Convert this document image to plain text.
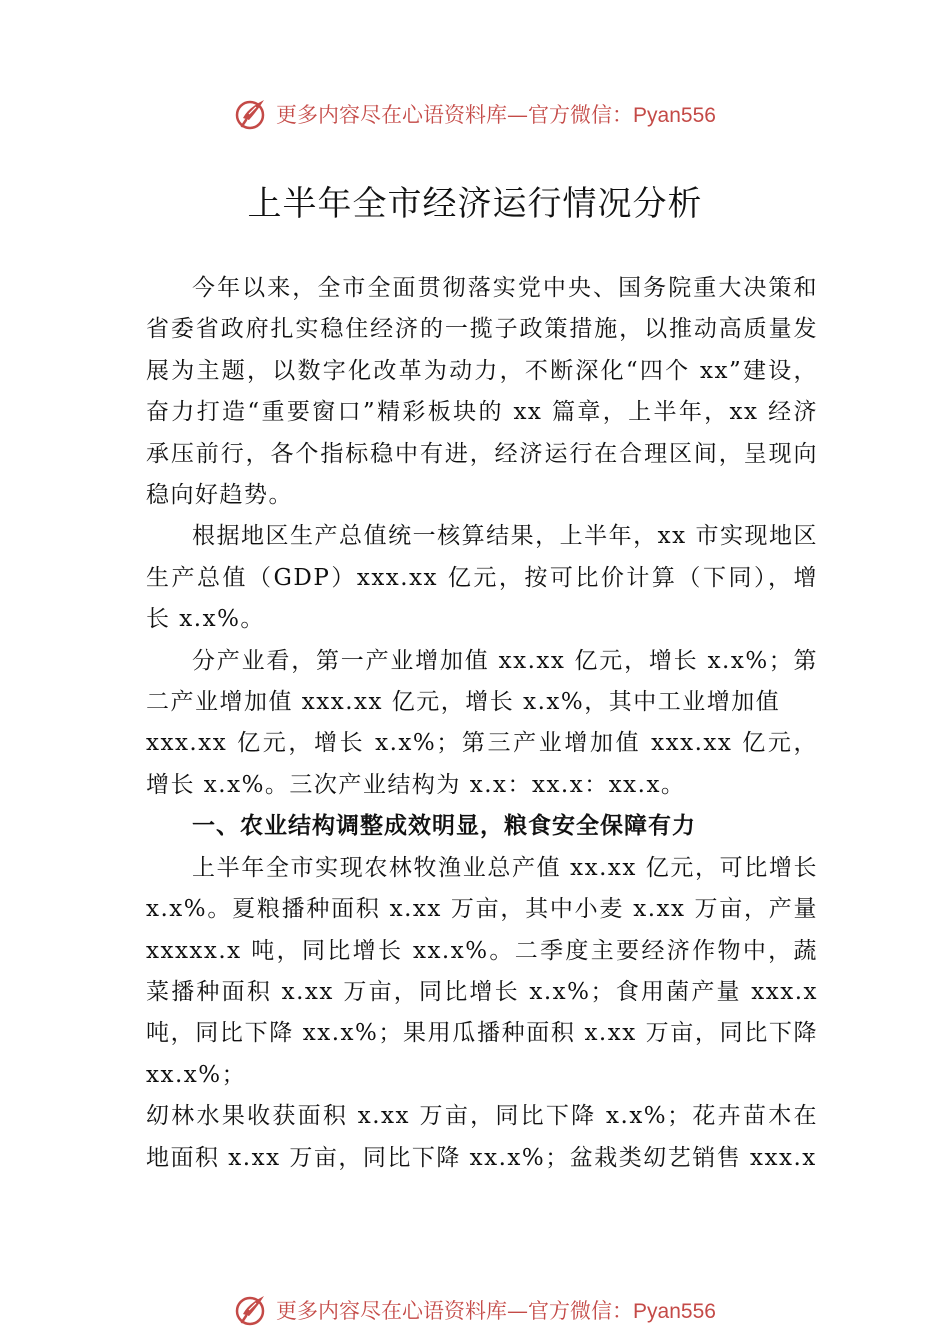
更多内容尽在心语资料库—官方微信：Pyan556
上半年全市经济运行情况分析

今年以来，全市全面贯彻落实党中央、国务院重大决策和省委省政府扎实稳住经济的一揽子政策措施，以推动高质量发展为主题，以数字化改革为动力，不断深化“四个 xx”建设，奋力打造“重要窗口”精彩板块的 xx 篇章，上半年，xx 经济承压前行，各个指标稳中有进，经济运行在合理区间，呈现向稳向好趋势。

根据地区生产总值统一核算结果，上半年，xx 市实现地区生产总值（GDP）xxx.xx 亿元，按可比价计算（下同），增长 x.x%。

分产业看，第一产业增加值 xx.xx 亿元，增长 x.x%；第二产业增加值 xxx.xx 亿元，增长 x.x%，其中工业增加值

xxx.xx 亿元，增长 x.x%；第三产业增加值 xxx.xx 亿元，增长 x.x%。三次产业结构为 x.x：xx.x：xx.x。

一、农业结构调整成效明显，粮食安全保障有力

上半年全市实现农林牧渔业总产值 xx.xx 亿元，可比增长 x.x%。夏粮播种面积 x.xx 万亩，其中小麦 x.xx 万亩，产量 xxxxx.x 吨，同比增长 xx.x%。二季度主要经济作物中，蔬菜播种面积 x.xx 万亩，同比增长 x.x%；食用菌产量 xxx.x 吨，同比下降 xx.x%；果用瓜播种面积 x.xx 万亩，同比下降 xx.x%；

㓜林水果收获面积 x.xx 万亩，同比下降 x.x%；花卉苗木在地面积 x.xx 万亩，同比下降 xx.x%；盆栽类㓜艺销售 xxx.x

更多内容尽在心语资料库—官方微信：Pyan556
